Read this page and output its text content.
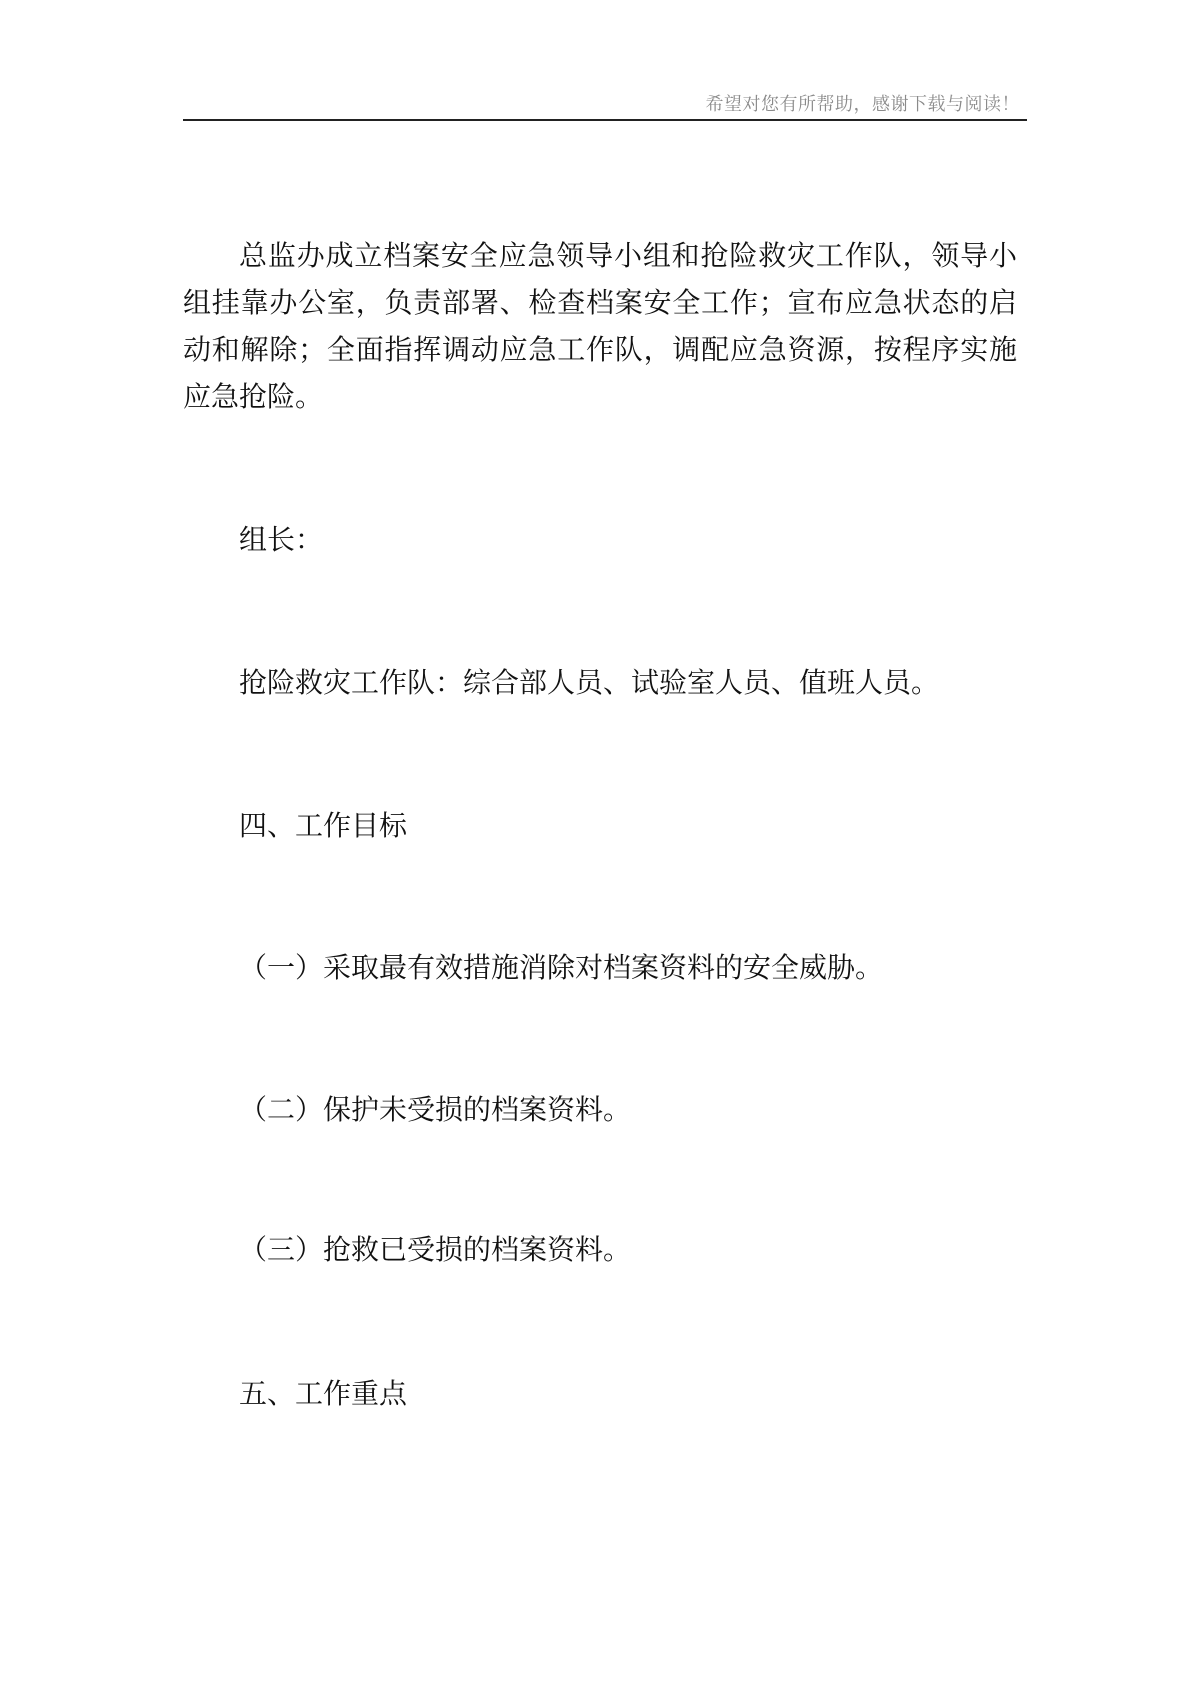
希望对您有所帮助，感谢下载与阅读！

总监办成立档案安全应急领导小组和抢险救灾工作队，领导小组挂靠办公室，负责部署、检查档案安全工作；宣布应急状态的启动和解除；全面指挥调动应急工作队，调配应急资源，按程序实施应急抢险。

组长：
抢险救灾工作队：综合部人员、试验室人员、值班人员。
四、工作目标
（一）采取最有效措施消除对档案资料的安全威胁。
（二）保护未受损的档案资料。
（三）抢救已受损的档案资料。
五、工作重点
